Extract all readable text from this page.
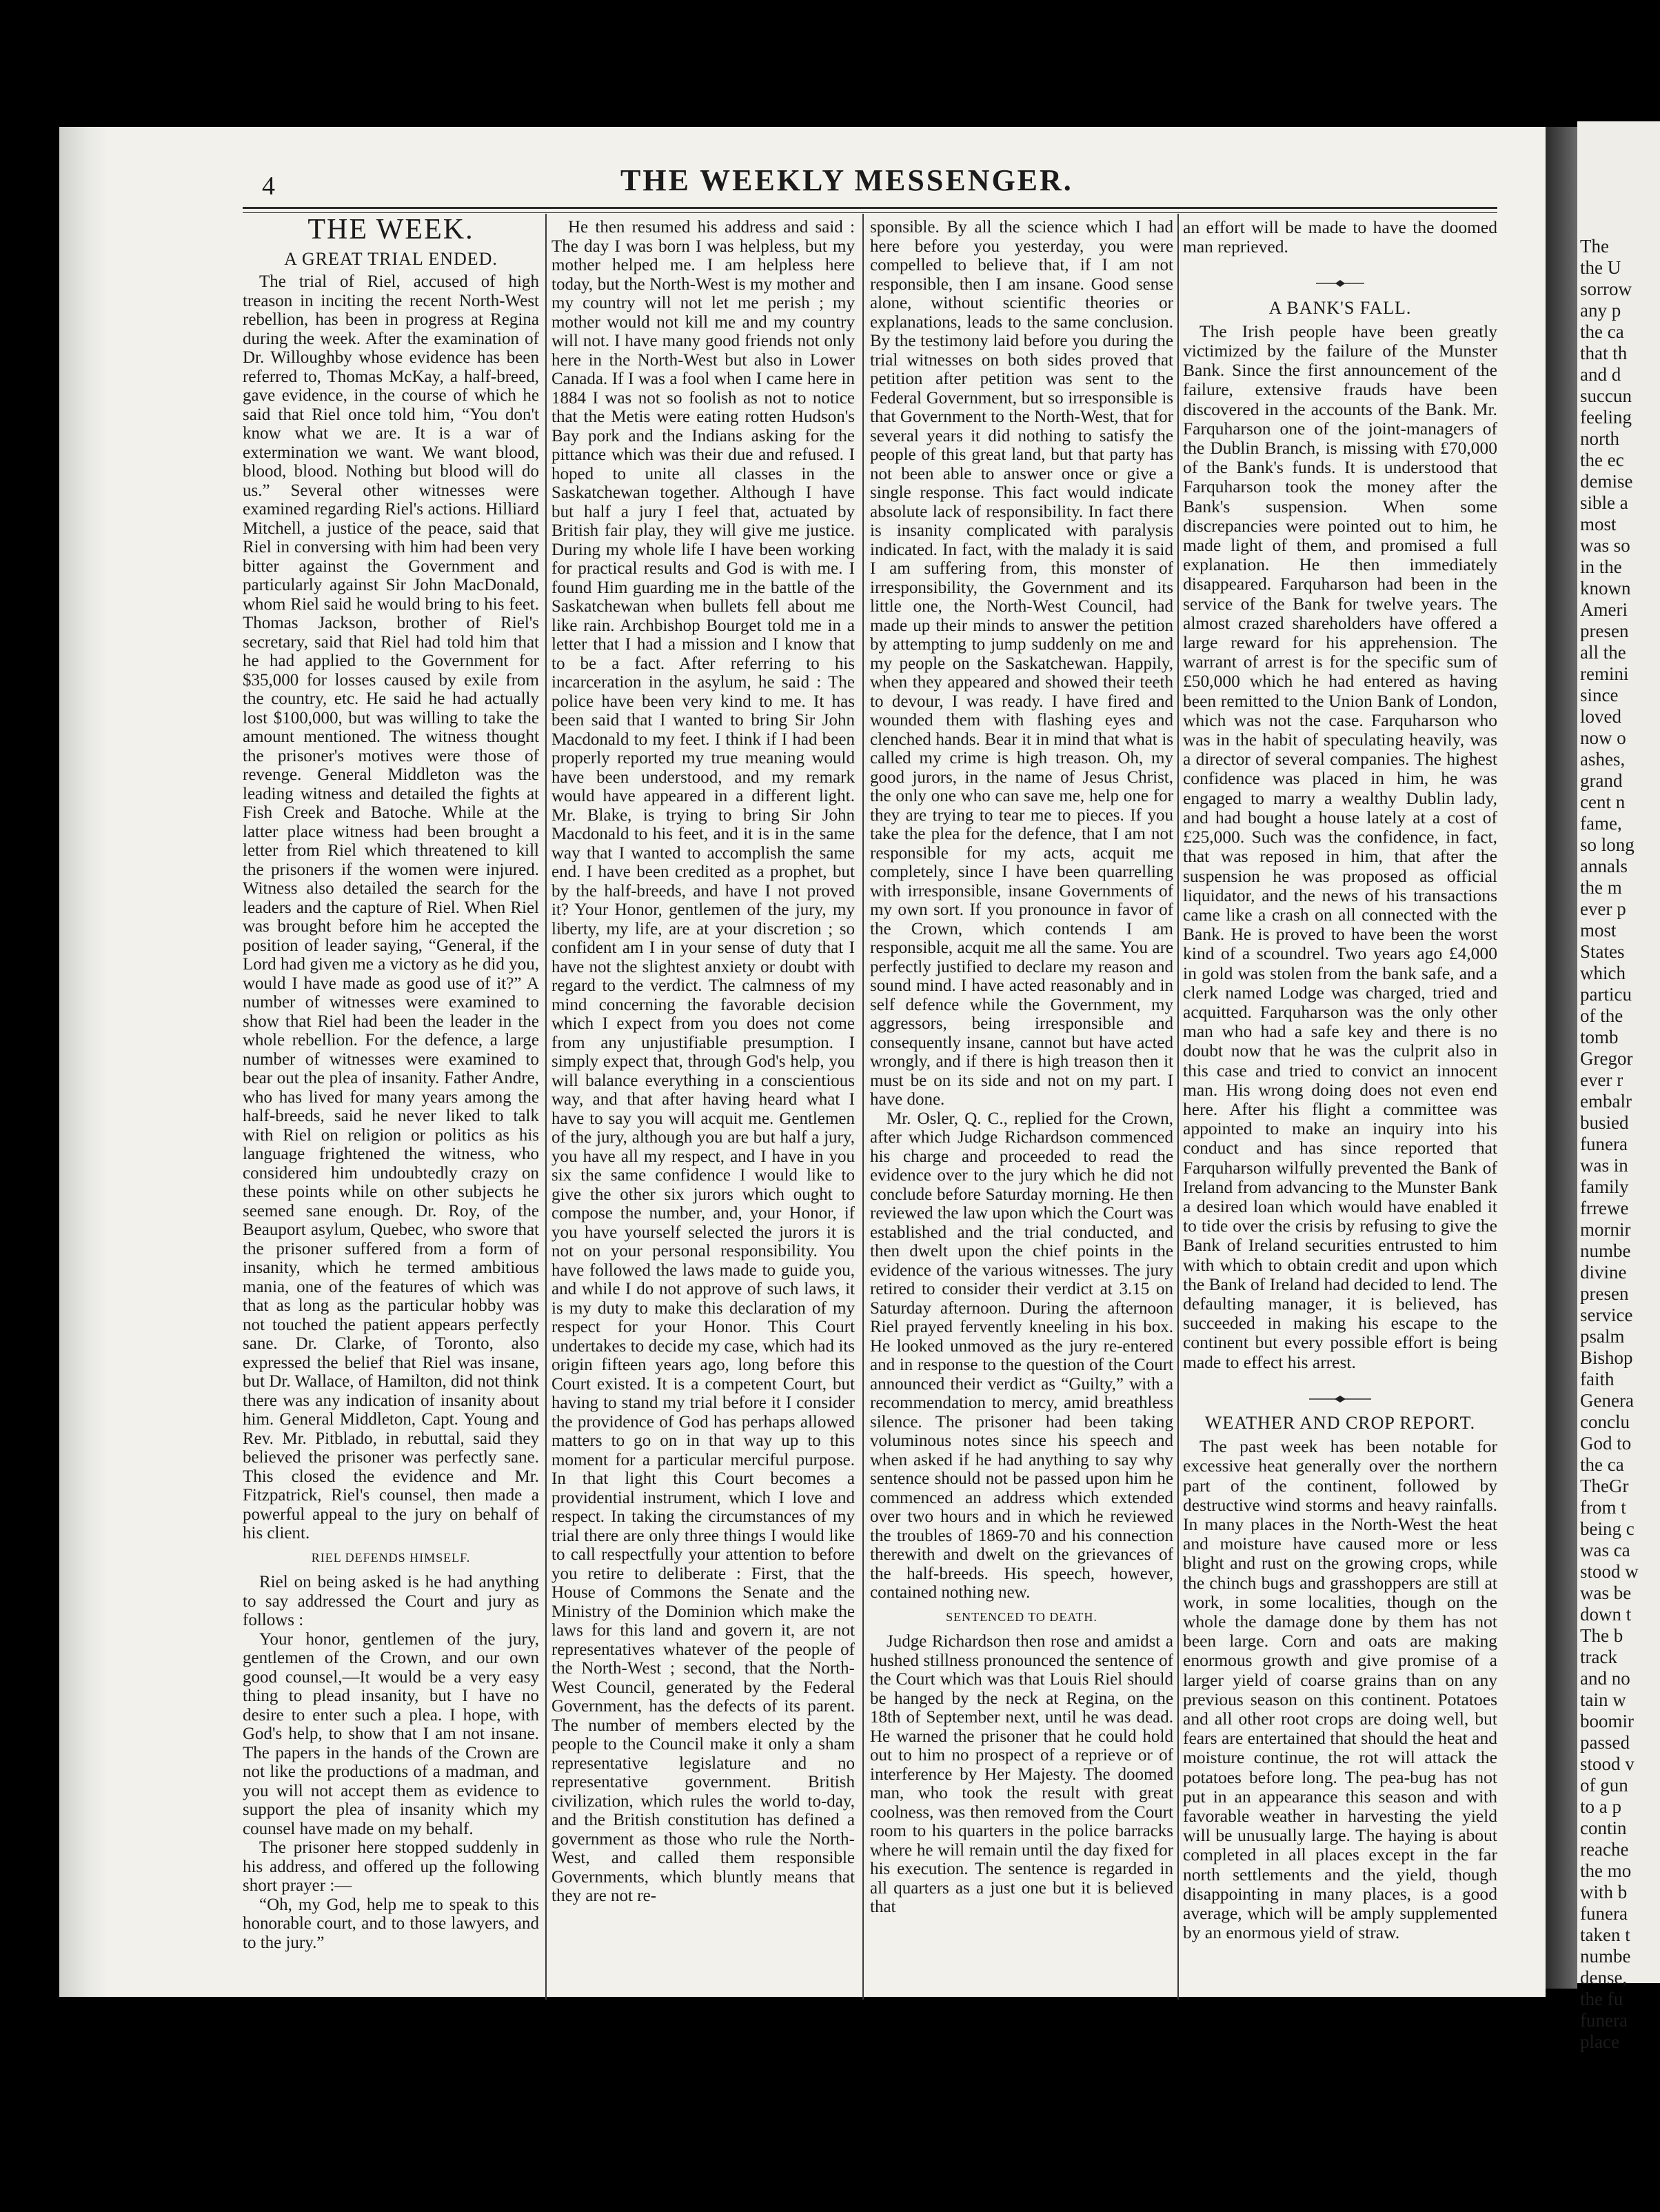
The
the U
sorrow
any p
the ca
that th
and d
succun
feeling
north
the ec
demise
sible a
most
was so
in the
known
Ameri
presen
all the
remini
since
loved
now o
ashes,
grand
cent n
fame,
so long
annals
the m
ever p
most
States
which
particu
of the
tomb
Gregor
ever r
embalr
busied
funera
was in
family
frrewe
mornir
numbe
divine
presen
service
psalm
Bishop
faith
Genera
conclu
God to
the ca
TheGr
from t
being c
was ca
stood w
was be
down t
The b
track
and no
tain w
boomir
passed
stood v
of gun
to a p
contin
reache
the mo
with b
funera
taken t
numbe
dense,
the fu
funera
place
4	THE WEEKLY MESSENGER.
THE WEEK.
A GREAT TRIAL ENDED.

The trial of Riel, accused of high treason in inciting the recent North-West rebellion, has been in progress at Regina during the week. After the examination of Dr. Willoughby whose evidence has been referred to, Thomas McKay, a half-breed, gave evidence, in the course of which he said that Riel once told him, “You don't know what we are. It is a war of extermination we want. We want blood, blood, blood. Nothing but blood will do us.” Several other witnesses were examined regarding Riel's actions. Hilliard Mitchell, a justice of the peace, said that Riel in conversing with him had been very bitter against the Government and particularly against Sir John MacDonald, whom Riel said he would bring to his feet. Thomas Jackson, brother of Riel's secretary, said that Riel had told him that he had applied to the Government for $35,000 for losses caused by exile from the country, etc. He said he had actually lost $100,000, but was willing to take the amount mentioned. The witness thought the prisoner's motives were those of revenge. General Middleton was the leading witness and detailed the fights at Fish Creek and Batoche. While at the latter place witness had been brought a letter from Riel which threatened to kill the prisoners if the women were injured. Witness also detailed the search for the leaders and the capture of Riel. When Riel was brought before him he accepted the position of leader saying, “General, if the Lord had given me a victory as he did you, would I have made as good use of it?” A number of witnesses were examined to show that Riel had been the leader in the whole rebellion. For the defence, a large number of witnesses were examined to bear out the plea of insanity. Father Andre, who has lived for many years among the half-breeds, said he never liked to talk with Riel on religion or politics as his language frightened the witness, who considered him undoubtedly crazy on these points while on other subjects he seemed sane enough. Dr. Roy, of the Beauport asylum, Quebec, who swore that the prisoner suffered from a form of insanity, which he termed ambitious mania, one of the features of which was that as long as the particular hobby was not touched the patient appears perfectly sane. Dr. Clarke, of Toronto, also expressed the belief that Riel was insane, but Dr. Wallace, of Hamilton, did not think there was any indication of insanity about him. General Middleton, Capt. Young and Rev. Mr. Pitblado, in rebuttal, said they believed the prisoner was perfectly sane. This closed the evidence and Mr. Fitzpatrick, Riel's counsel, then made a powerful appeal to the jury on behalf of his client.

RIEL DEFENDS HIMSELF.

Riel on being asked is he had anything to say addressed the Court and jury as follows :

Your honor, gentlemen of the jury, gentlemen of the Crown, and our own good counsel,—It would be a very easy thing to plead insanity, but I have no desire to enter such a plea. I hope, with God's help, to show that I am not insane. The papers in the hands of the Crown are not like the productions of a madman, and you will not accept them as evidence to support the plea of insanity which my counsel have made on my behalf.

The prisoner here stopped suddenly in his address, and offered up the following short prayer :—

“Oh, my God, help me to speak to this honorable court, and to those lawyers, and to the jury.”

He then resumed his address and said : The day I was born I was helpless, but my mother helped me. I am helpless here today, but the North-West is my mother and my country will not let me perish ; my mother would not kill me and my country will not. I have many good friends not only here in the North-West but also in Lower Canada. If I was a fool when I came here in 1884 I was not so foolish as not to notice that the Metis were eating rotten Hudson's Bay pork and the Indians asking for the pittance which was their due and refused. I hoped to unite all classes in the Saskatchewan together. Although I have but half a jury I feel that, actuated by British fair play, they will give me justice. During my whole life I have been working for practical results and God is with me. I found Him guarding me in the battle of the Saskatchewan when bullets fell about me like rain. Archbishop Bourget told me in a letter that I had a mission and I know that to be a fact. After referring to his incarceration in the asylum, he said : The police have been very kind to me. It has been said that I wanted to bring Sir John Macdonald to my feet. I think if I had been properly reported my true meaning would have been understood, and my remark would have appeared in a different light. Mr. Blake, is trying to bring Sir John Macdonald to his feet, and it is in the same way that I wanted to accomplish the same end. I have been credited as a prophet, but by the half-breeds, and have I not proved it? Your Honor, gentlemen of the jury, my liberty, my life, are at your discretion ; so confident am I in your sense of duty that I have not the slightest anxiety or doubt with regard to the verdict. The calmness of my mind concerning the favorable decision which I expect from you does not come from any unjustifiable presumption. I simply expect that, through God's help, you will balance everything in a conscientious way, and that after having heard what I have to say you will acquit me. Gentlemen of the jury, although you are but half a jury, you have all my respect, and I have in you six the same confidence I would like to give the other six jurors which ought to compose the number, and, your Honor, if you have yourself selected the jurors it is not on your personal responsibility. You have followed the laws made to guide you, and while I do not approve of such laws, it is my duty to make this declaration of my respect for your Honor. This Court undertakes to decide my case, which had its origin fifteen years ago, long before this Court existed. It is a competent Court, but having to stand my trial before it I consider the providence of God has perhaps allowed matters to go on in that way up to this moment for a particular merciful purpose. In that light this Court becomes a providential instrument, which I love and respect. In taking the circumstances of my trial there are only three things I would like to call respectfully your attention to before you retire to deliberate : First, that the House of Commons the Senate and the Ministry of the Dominion which make the laws for this land and govern it, are not representatives whatever of the people of the North-West ; second, that the North-West Council, generated by the Federal Government, has the defects of its parent. The number of members elected by the people to the Council make it only a sham representative legislature and no representative government. British civilization, which rules the world to-day, and the British constitution has defined a government as those who rule the North-West, and called them responsible Governments, which bluntly means that they are not re-

sponsible. By all the science which I had here before you yesterday, you were compelled to believe that, if I am not responsible, then I am insane. Good sense alone, without scientific theories or explanations, leads to the same conclusion. By the testimony laid before you during the trial witnesses on both sides proved that petition after petition was sent to the Federal Government, but so irresponsible is that Government to the North-West, that for several years it did nothing to satisfy the people of this great land, but that party has not been able to answer once or give a single response. This fact would indicate absolute lack of responsibility. In fact there is insanity complicated with paralysis indicated. In fact, with the malady it is said I am suffering from, this monster of irresponsibility, the Government and its little one, the North-West Council, had made up their minds to answer the petition by attempting to jump suddenly on me and my people on the Saskatchewan. Happily, when they appeared and showed their teeth to devour, I was ready. I have fired and wounded them with flashing eyes and clenched hands. Bear it in mind that what is called my crime is high treason. Oh, my good jurors, in the name of Jesus Christ, the only one who can save me, help one for they are trying to tear me to pieces. If you take the plea for the defence, that I am not responsible for my acts, acquit me completely, since I have been quarrelling with irresponsible, insane Governments of my own sort. If you pronounce in favor of the Crown, which contends I am responsible, acquit me all the same. You are perfectly justified to declare my reason and sound mind. I have acted reasonably and in self defence while the Government, my aggressors, being irresponsible and consequently insane, cannot but have acted wrongly, and if there is high treason then it must be on its side and not on my part. I have done.

Mr. Osler, Q. C., replied for the Crown, after which Judge Richardson commenced his charge and proceeded to read the evidence over to the jury which he did not conclude before Saturday morning. He then reviewed the law upon which the Court was established and the trial conducted, and then dwelt upon the chief points in the evidence of the various witnesses. The jury retired to consider their verdict at 3.15 on Saturday afternoon. During the afternoon Riel prayed fervently kneeling in his box. He looked unmoved as the jury re-entered and in response to the question of the Court announced their verdict as “Guilty,” with a recommendation to mercy, amid breathless silence. The prisoner had been taking voluminous notes since his speech and when asked if he had anything to say why sentence should not be passed upon him he commenced an address which extended over two hours and in which he reviewed the troubles of 1869-70 and his connection therewith and dwelt on the grievances of the half-breeds. His speech, however, contained nothing new.

SENTENCED TO DEATH.

Judge Richardson then rose and amidst a hushed stillness pronounced the sentence of the Court which was that Louis Riel should be hanged by the neck at Regina, on the 18th of September next, until he was dead. He warned the prisoner that he could hold out to him no prospect of a reprieve or of interference by Her Majesty. The doomed man, who took the result with great coolness, was then removed from the Court room to his quarters in the police barracks where he will remain until the day fixed for his execution. The sentence is regarded in all quarters as a just one but it is believed that

an effort will be made to have the doomed man reprieved.

A BANK'S FALL.

The Irish people have been greatly victimized by the failure of the Munster Bank. Since the first announcement of the failure, extensive frauds have been discovered in the accounts of the Bank. Mr. Farquharson one of the joint-managers of the Dublin Branch, is missing with £70,000 of the Bank's funds. It is understood that Farquharson took the money after the Bank's suspension. When some discrepancies were pointed out to him, he made light of them, and promised a full explanation. He then immediately disappeared. Farquharson had been in the service of the Bank for twelve years. The almost crazed shareholders have offered a large reward for his apprehension. The warrant of arrest is for the specific sum of £50,000 which he had entered as having been remitted to the Union Bank of London, which was not the case. Farquharson who was in the habit of speculating heavily, was a director of several companies. The highest confidence was placed in him, he was engaged to marry a wealthy Dublin lady, and had bought a house lately at a cost of £25,000. Such was the confidence, in fact, that was reposed in him, that after the suspension he was proposed as official liquidator, and the news of his transactions came like a crash on all connected with the Bank. He is proved to have been the worst kind of a scoundrel. Two years ago £4,000 in gold was stolen from the bank safe, and a clerk named Lodge was charged, tried and acquitted. Farquharson was the only other man who had a safe key and there is no doubt now that he was the culprit also in this case and tried to convict an innocent man. His wrong doing does not even end here. After his flight a committee was appointed to make an inquiry into his conduct and has since reported that Farquharson wilfully prevented the Bank of Ireland from advancing to the Munster Bank a desired loan which would have enabled it to tide over the crisis by refusing to give the Bank of Ireland securities entrusted to him with which to obtain credit and upon which the Bank of Ireland had decided to lend. The defaulting manager, it is believed, has succeeded in making his escape to the continent but every possible effort is being made to effect his arrest.

WEATHER AND CROP REPORT.

The past week has been notable for excessive heat generally over the northern part of the continent, followed by destructive wind storms and heavy rainfalls. In many places in the North-West the heat and moisture have caused more or less blight and rust on the growing crops, while the chinch bugs and grasshoppers are still at work, in some localities, though on the whole the damage done by them has not been large. Corn and oats are making enormous growth and give promise of a larger yield of coarse grains than on any previous season on this continent. Potatoes and all other root crops are doing well, but fears are entertained that should the heat and moisture continue, the rot will attack the potatoes before long. The pea-bug has not put in an appearance this season and with favorable weather in harvesting the yield will be unusually large. The haying is about completed in all places except in the far north settlements and the yield, though disappointing in many places, is a good average, which will be amply supplemented by an enormous yield of straw.
